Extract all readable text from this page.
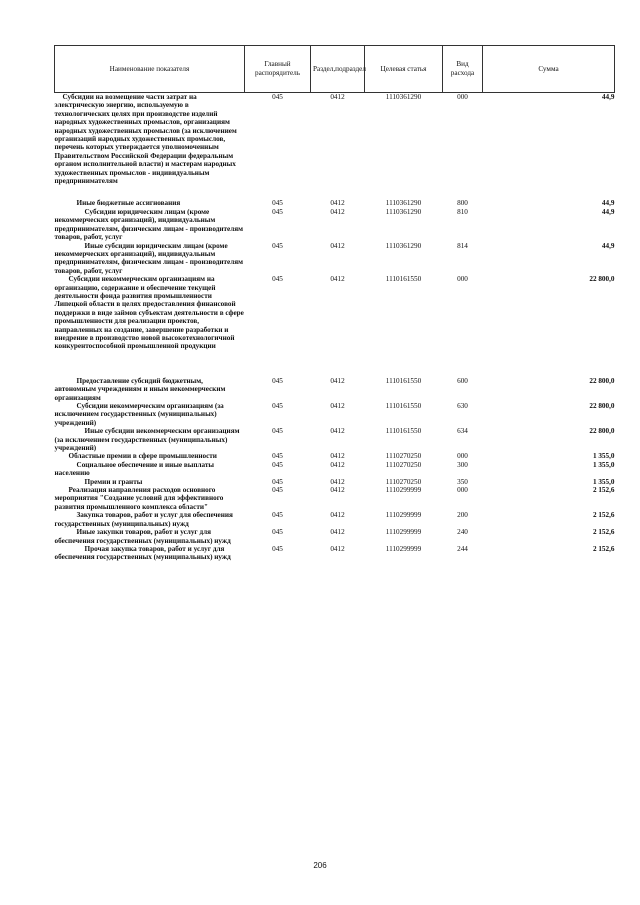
Наименование показателя	Главный распорядитель	Раздел,подраздел	Целевая статья	Вид расхода	Сумма
Субсидии на возмещение части затрат на электрическую энергию, используемую в технологических целях при производстве изделий народных художественных промыслов, организациям народных художественных промыслов (за исключением организаций народных художественных промыслов, перечень которых утверждается уполномоченным Правительством Российской Федерации федеральным органом исполнительной власти) и мастерам народных художественных промыслов - индивидуальным предпринимателям	045	0412	1110361290	000	44,9

Иные бюджетные ассигнования	045	0412	1110361290	800	44,9
Субсидии юридическим лицам (кроме некоммерческих организаций), индивидуальным предпринимателям, физическим лицам - производителям товаров, работ, услуг	045	0412	1110361290	810	44,9
Иные субсидии юридическим лицам (кроме некоммерческих организаций), индивидуальным предпринимателям, физическим лицам - производителям товаров, работ, услуг	045	0412	1110361290	814	44,9
Субсидии некоммерческим организациям на организацию, содержание и обеспечение текущей деятельности фонда развития промышленности Липецкой области в целях предоставления финансовой поддержки в виде займов субъектам деятельности в сфере промышленности для реализации проектов, направленных на создание, завершение разработки и внедрение в производство новой высокотехнологичной конкурентоспособной промышленной продукции	045	0412	1110161550	000	22 800,0

Предоставление субсидий бюджетным, автономным учреждениям и иным некоммерческим организациям	045	0412	1110161550	600	22 800,0
Субсидии некоммерческим организациям (за исключением государственных (муниципальных) учреждений)	045	0412	1110161550	630	22 800,0
Иные субсидии некоммерческим организациям (за исключением государственных (муниципальных) учреждений)	045	0412	1110161550	634	22 800,0
Областные премии в сфере промышленности	045	0412	1110270250	000	1 355,0
Социальное обеспечение и иные выплаты населению	045	0412	1110270250	300	1 355,0
Премии и гранты	045	0412	1110270250	350	1 355,0
Реализация направления расходов основного мероприятия "Создание условий для эффективного развития промышленного комплекса области"	045	0412	1110299999	000	2 152,6
Закупка товаров, работ и услуг для обеспечения государственных (муниципальных) нужд	045	0412	1110299999	200	2 152,6
Иные закупки товаров, работ и услуг для обеспечения государственных (муниципальных) нужд	045	0412	1110299999	240	2 152,6
Прочая закупка товаров, работ и услуг для обеспечения государственных (муниципальных) нужд	045	0412	1110299999	244	2 152,6
206
